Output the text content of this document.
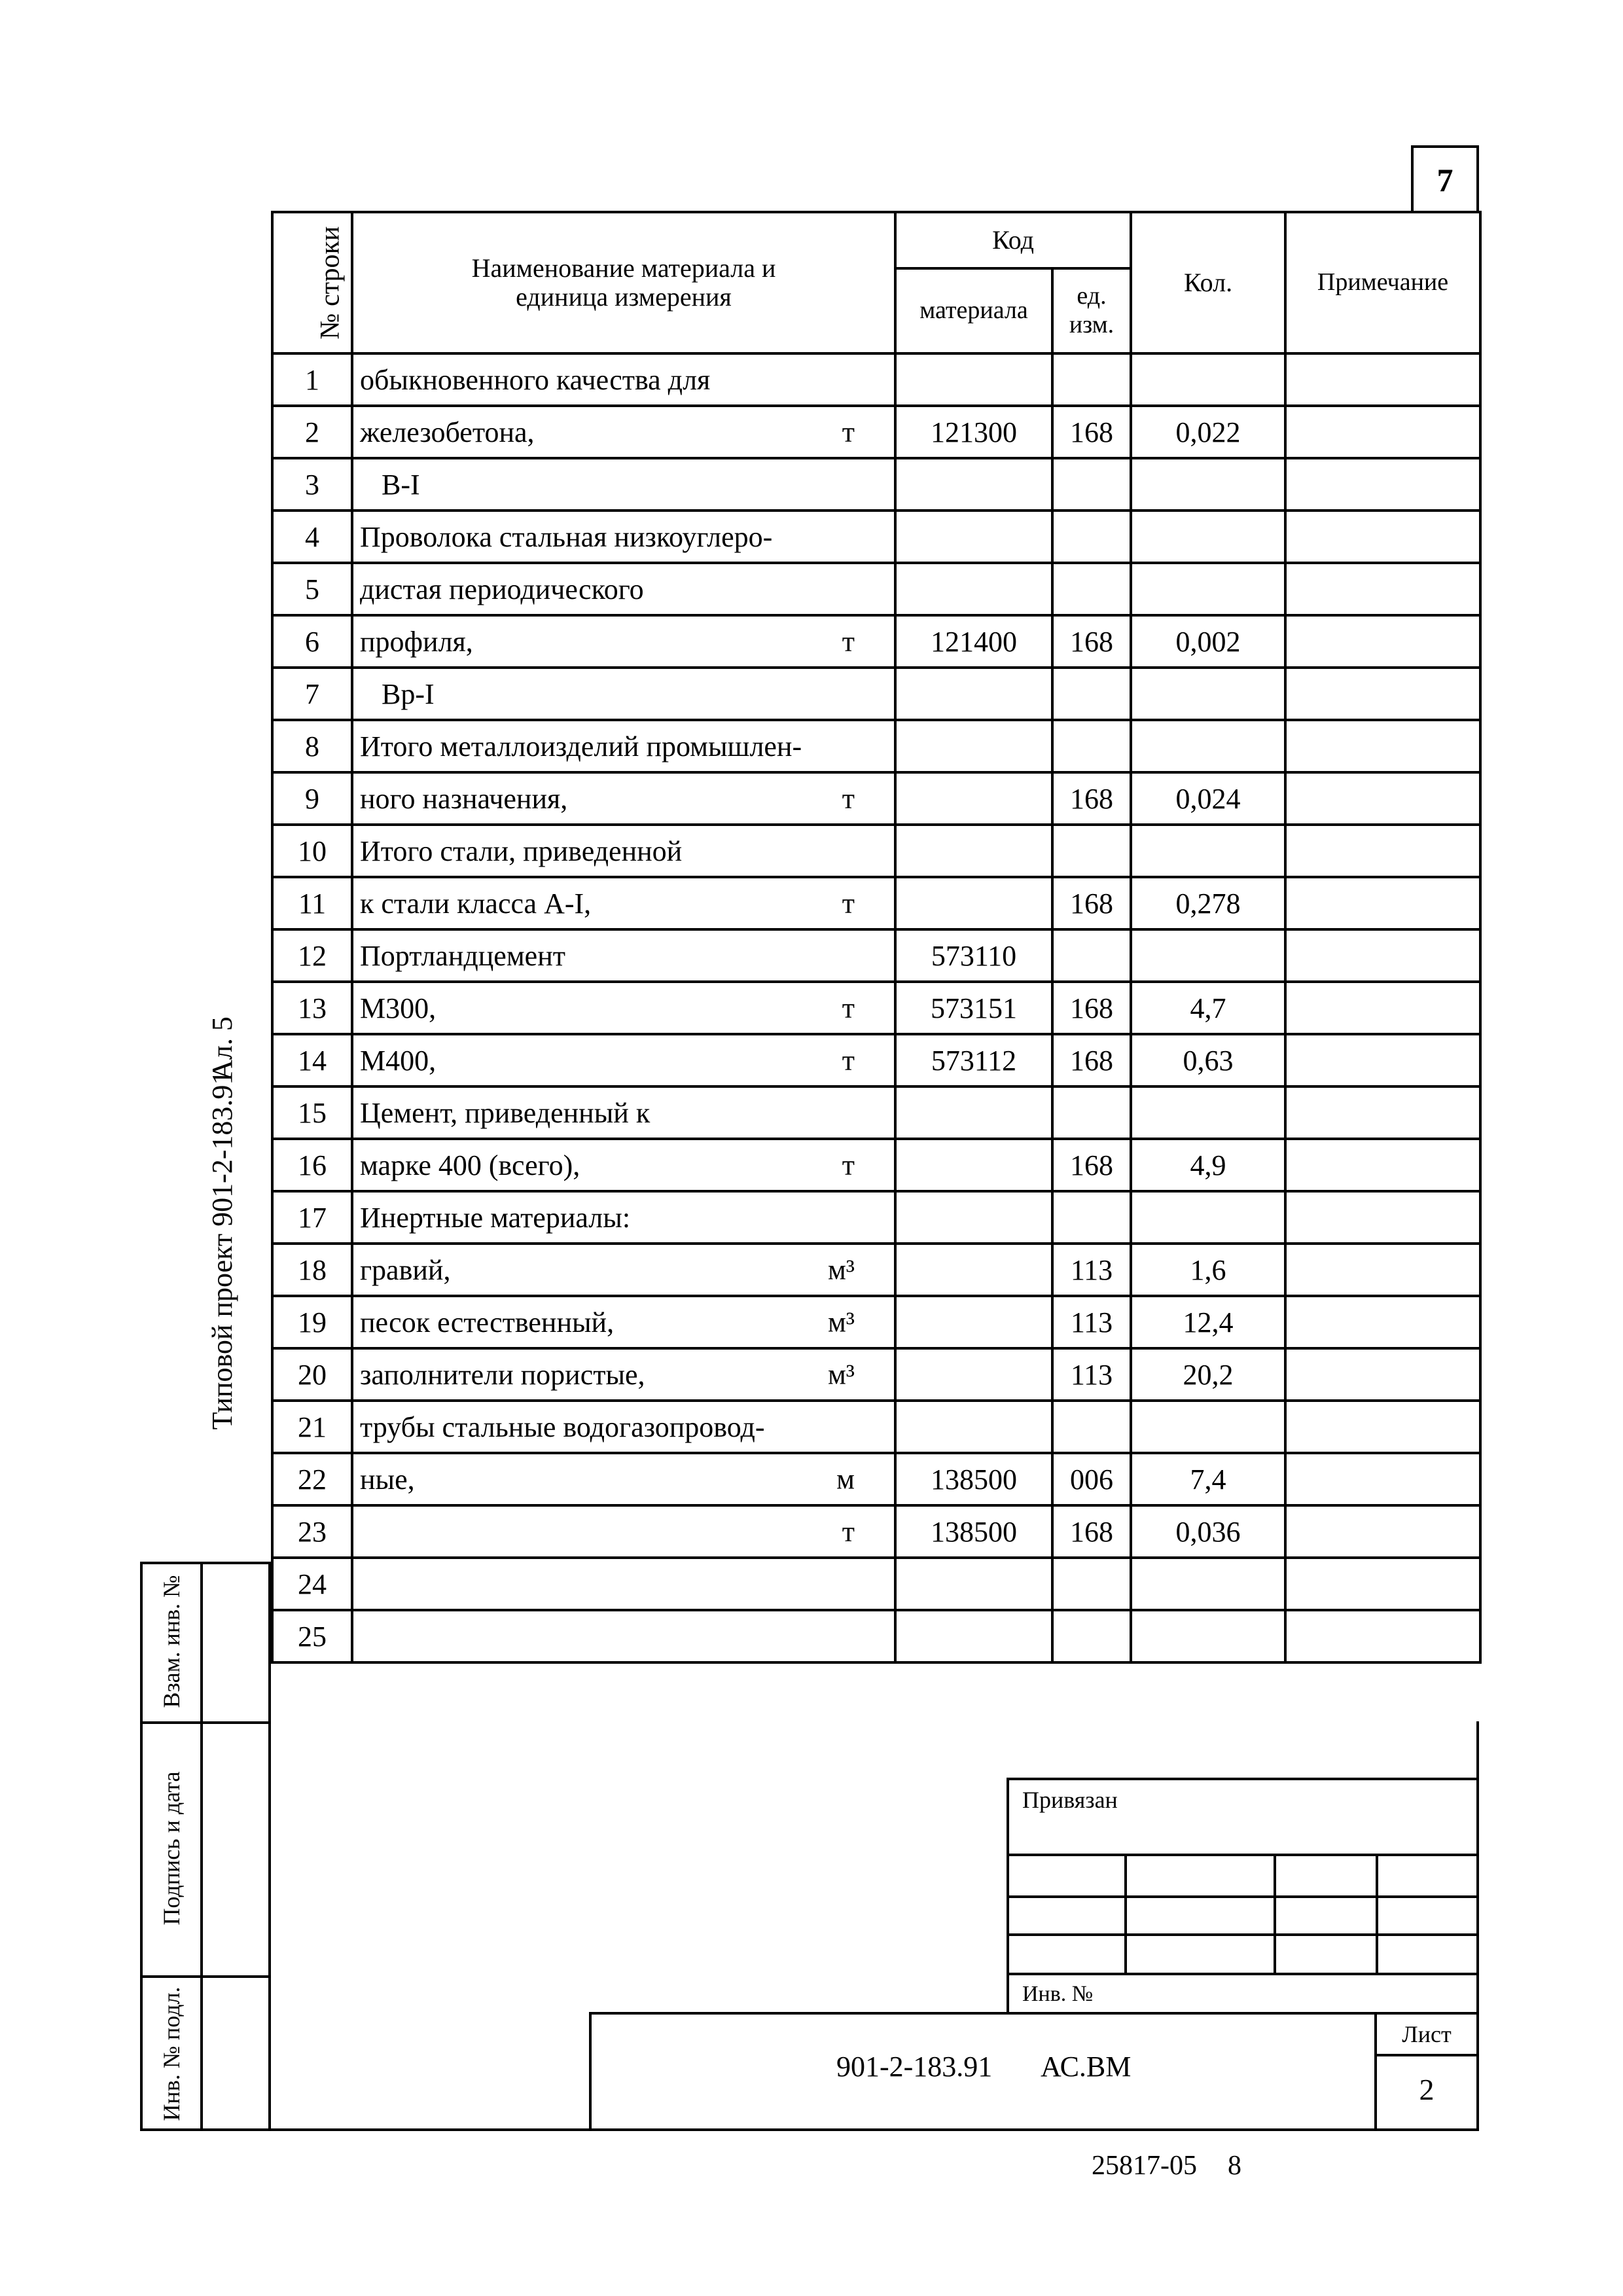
7
№ строки	Наименование материала и единица измерения	Код		Кол.	Примечание
		материала	ед. изм.		

1	обыкновенного качества для

2	железобетона, т	121300	168	0,022	
3	В-I

4	Проволока стальная низкоуглеро-

5	дистая периодического

6	профиля, т	121400	168	0,002	
7	Вр-I

8	Итого металлоизделий промышлен-

9	ного назначения, т		168	0,024	
10	Итого стали, приведенной

11	к стали класса А-I, т		168	0,278	
12	Портландцемент	573110			
13	М300, т	573151	168	4,7	
14	М400, т	573112	168	0,63	
15	Цемент, приведенный к

16	марке 400 (всего), т		168	4,9	
17	Инертные материалы:

18	гравий, м³		113	1,6	
19	песок естественный, м³		113	12,4	
20	заполнители пористые, м³		113	20,2	
21	трубы стальные водогазопровод-

22	ные, м	138500	006	7,4	
23	т	138500	168	0,036	
24	

25	

Типовой проект 901-2-183.91
Ал. 5
Взам. инв. №
Подпись и дата
Инв. № подл.
Привязан
Инв. №
901-2-183.91 АС.ВМ
Лист
2
25817-05 8
